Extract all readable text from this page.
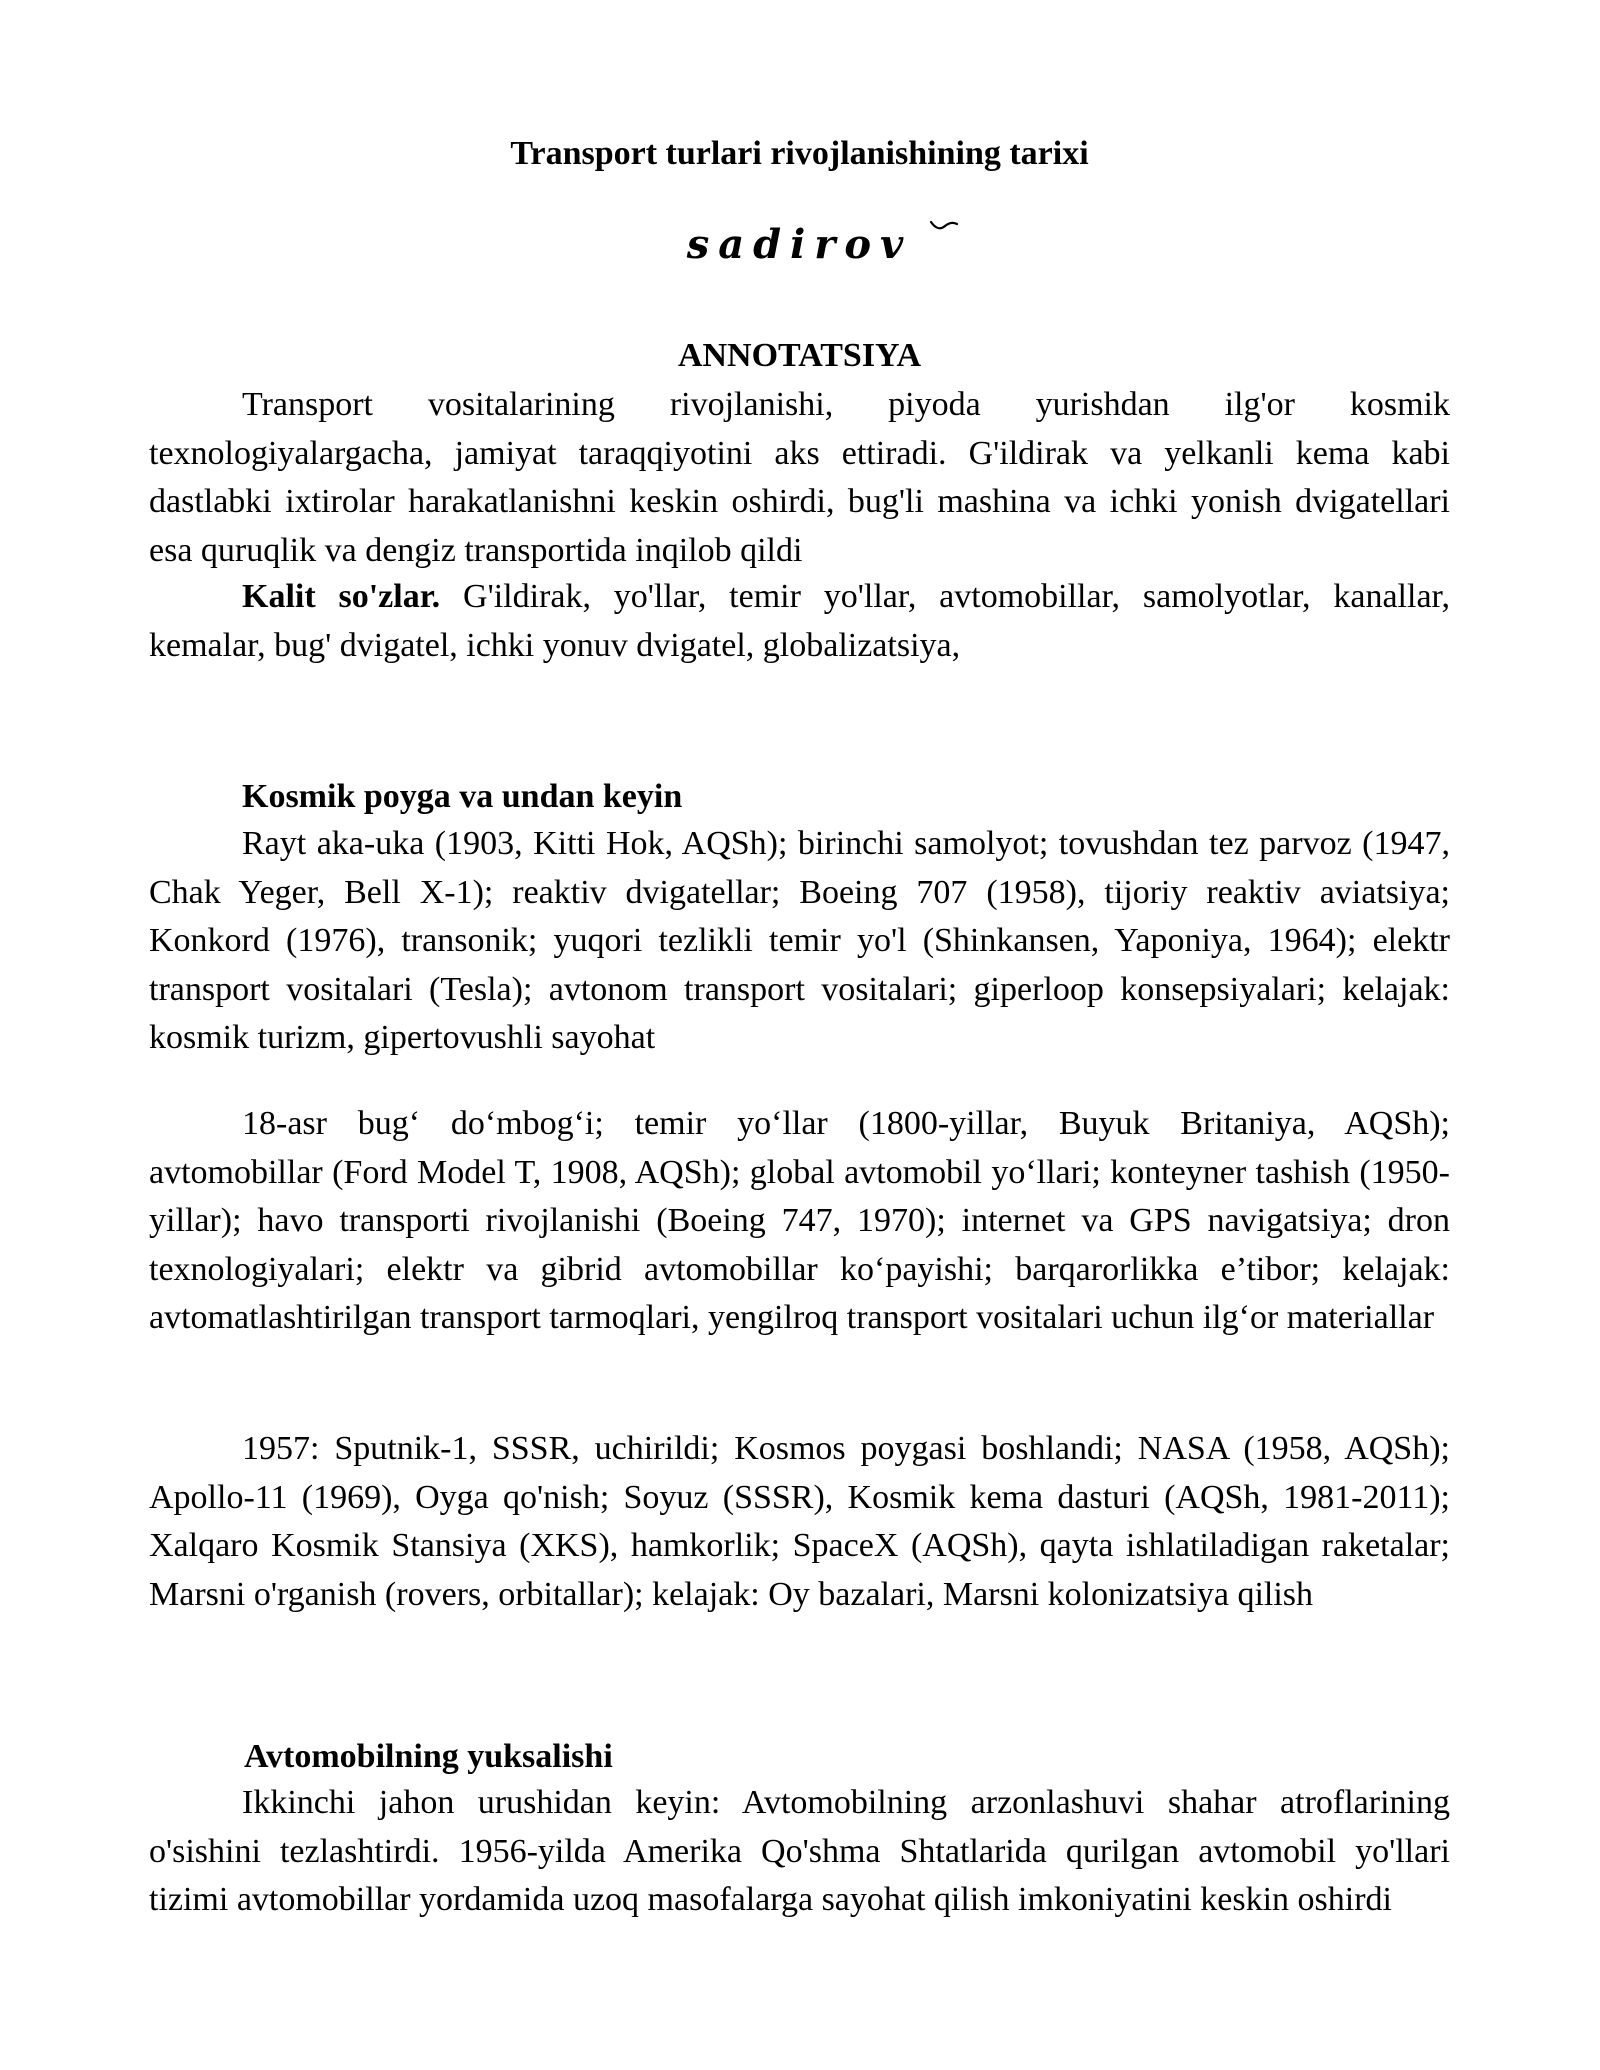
Transport turlari rivojlanishining tarixi
sadirov
ANNOTATSIYA

Transport vositalarining rivojlanishi, piyoda yurishdan ilg'or kosmik texnologiyalargacha, jamiyat taraqqiyotini aks ettiradi. G'ildirak va yelkanli kema kabi dastlabki ixtirolar harakatlanishni keskin oshirdi, bug'li mashina va ichki yonish dvigatellari esa quruqlik va dengiz transportida inqilob qildi

Kalit so'zlar. G'ildirak, yo'llar, temir yo'llar, avtomobillar, samolyotlar, kanallar, kemalar, bug' dvigatel, ichki yonuv dvigatel, globalizatsiya,

Kosmik poyga va undan keyin

Rayt aka-uka (1903, Kitti Hok, AQSh); birinchi samolyot; tovushdan tez parvoz (1947, Chak Yeger, Bell X-1); reaktiv dvigatellar; Boeing 707 (1958), tijoriy reaktiv aviatsiya; Konkord (1976), transonik; yuqori tezlikli temir yo'l (Shinkansen, Yaponiya, 1964); elektr transport vositalari (Tesla); avtonom transport vositalari; giperloop konsepsiyalari; kelajak: kosmik turizm, gipertovushli sayohat

18-asr bug‘ do‘mbog‘i; temir yo‘llar (1800-yillar, Buyuk Britaniya, AQSh); avtomobillar (Ford Model T, 1908, AQSh); global avtomobil yo‘llari; konteyner tashish (1950-yillar); havo transporti rivojlanishi (Boeing 747, 1970); internet va GPS navigatsiya; dron texnologiyalari; elektr va gibrid avtomobillar ko‘payishi; barqarorlikka e’tibor; kelajak: avtomatlashtirilgan transport tarmoqlari, yengilroq transport vositalari uchun ilg‘or materiallar

1957: Sputnik-1, SSSR, uchirildi; Kosmos poygasi boshlandi; NASA (1958, AQSh); Apollo-11 (1969), Oyga qo'nish; Soyuz (SSSR), Kosmik kema dasturi (AQSh, 1981-2011); Xalqaro Kosmik Stansiya (XKS), hamkorlik; SpaceX (AQSh), qayta ishlatiladigan raketalar; Marsni o'rganish (rovers, orbitallar); kelajak: Oy bazalari, Marsni kolonizatsiya qilish

Avtomobilning yuksalishi

Ikkinchi jahon urushidan keyin: Avtomobilning arzonlashuvi shahar atroflarining o'sishini tezlashtirdi. 1956-yilda Amerika Qo'shma Shtatlarida qurilgan avtomobil yo'llari tizimi avtomobillar yordamida uzoq masofalarga sayohat qilish imkoniyatini keskin oshirdi
